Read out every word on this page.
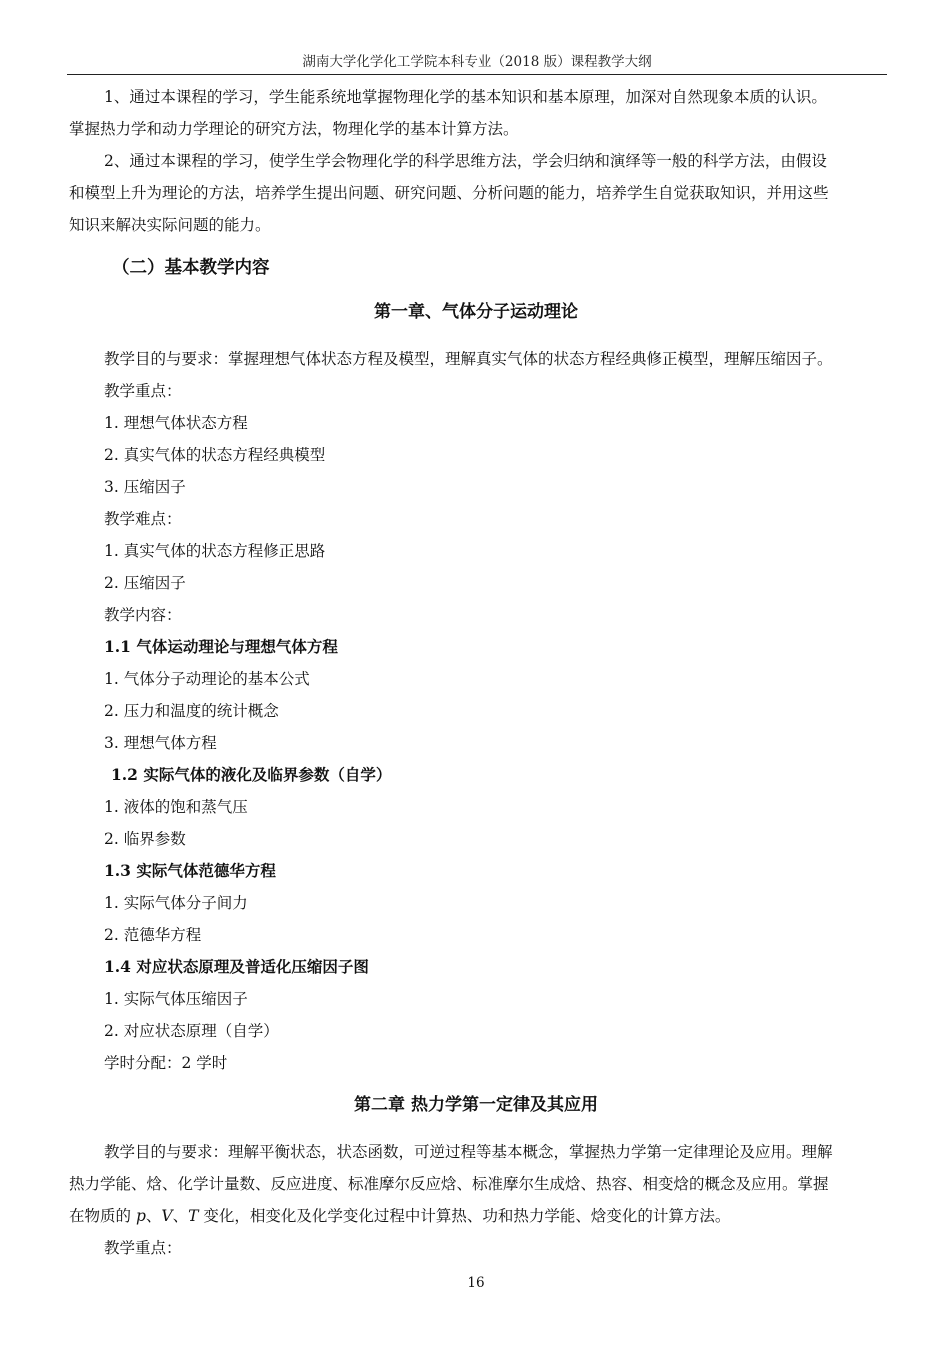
湖南大学化学化工学院本科专业（2018 版）课程教学大纲
1、通过本课程的学习，学生能系统地掌握物理化学的基本知识和基本原理，加深对自然现象本质的认识。
掌握热力学和动力学理论的研究方法，物理化学的基本计算方法。
2、通过本课程的学习，使学生学会物理化学的科学思维方法，学会归纳和演绎等一般的科学方法，由假设
和模型上升为理论的方法，培养学生提出问题、研究问题、分析问题的能力，培养学生自觉获取知识，并用这些
知识来解决实际问题的能力。
（二）基本教学内容
第一章、气体分子运动理论
教学目的与要求：掌握理想气体状态方程及模型，理解真实气体的状态方程经典修正模型，理解压缩因子。
教学重点：
1. 理想气体状态方程
2. 真实气体的状态方程经典模型
3. 压缩因子
教学难点：
1. 真实气体的状态方程修正思路
2. 压缩因子
教学内容：
1.1 气体运动理论与理想气体方程
1. 气体分子动理论的基本公式
2. 压力和温度的统计概念
3. 理想气体方程
1.2 实际气体的液化及临界参数（自学）
1. 液体的饱和蒸气压
2. 临界参数
1.3 实际气体范德华方程
1. 实际气体分子间力
2. 范德华方程
1.4 对应状态原理及普适化压缩因子图
1. 实际气体压缩因子
2. 对应状态原理（自学）
学时分配：2 学时
第二章 热力学第一定律及其应用
教学目的与要求：理解平衡状态，状态函数，可逆过程等基本概念，掌握热力学第一定律理论及应用。理解
热力学能、焓、化学计量数、反应进度、标准摩尔反应焓、标准摩尔生成焓、热容、相变焓的概念及应用。掌握
在物质的 p、V、T 变化，相变化及化学变化过程中计算热、功和热力学能、焓变化的计算方法。
教学重点：
16
